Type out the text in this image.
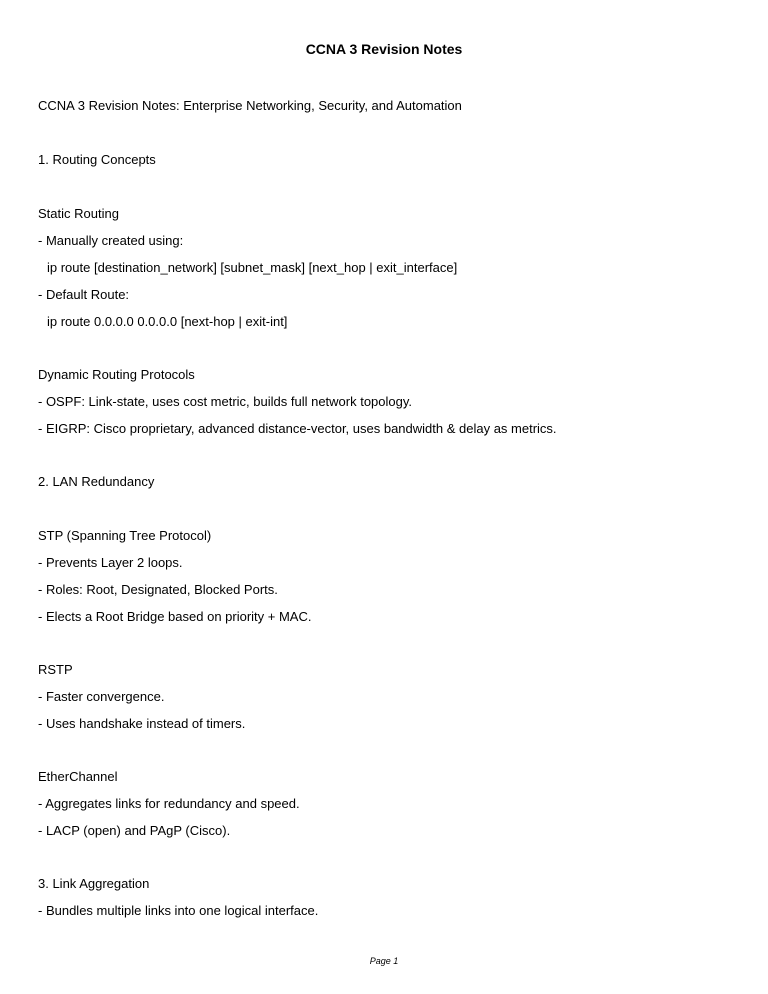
CCNA 3 Revision Notes
CCNA 3 Revision Notes: Enterprise Networking, Security, and Automation
1. Routing Concepts
Static Routing
- Manually created using:
ip route [destination_network] [subnet_mask] [next_hop | exit_interface]
- Default Route:
ip route 0.0.0.0 0.0.0.0 [next-hop | exit-int]
Dynamic Routing Protocols
- OSPF: Link-state, uses cost metric, builds full network topology.
- EIGRP: Cisco proprietary, advanced distance-vector, uses bandwidth & delay as metrics.
2. LAN Redundancy
STP (Spanning Tree Protocol)
- Prevents Layer 2 loops.
- Roles: Root, Designated, Blocked Ports.
- Elects a Root Bridge based on priority + MAC.
RSTP
- Faster convergence.
- Uses handshake instead of timers.
EtherChannel
- Aggregates links for redundancy and speed.
- LACP (open) and PAgP (Cisco).
3. Link Aggregation
- Bundles multiple links into one logical interface.
Page 1
